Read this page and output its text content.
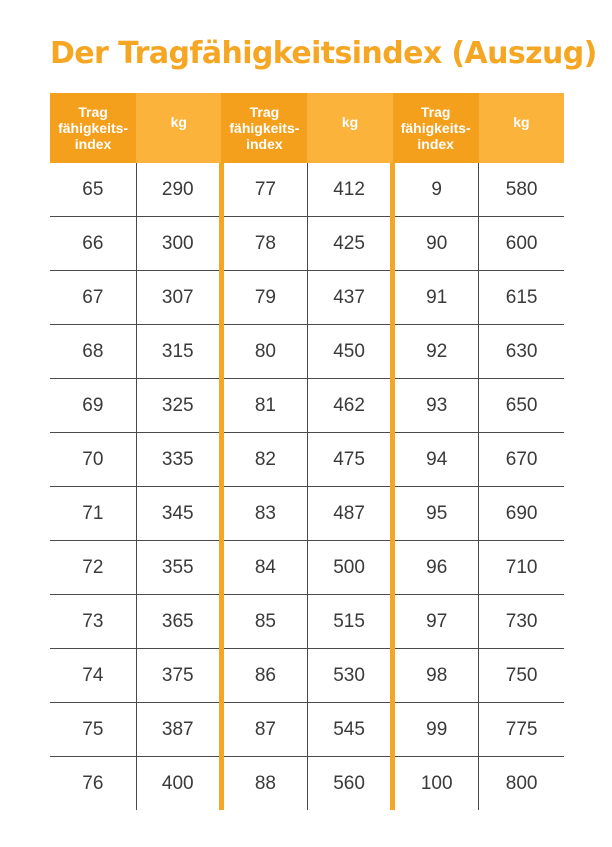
Der Tragfähigkeitsindex (Auszug)
Trag
fähigkeits-
index	kg	Trag
fähigkeits-
index	kg	Trag
fähigkeits-
index	kg
65	290	77	412	9	580
66	300	78	425	90	600
67	307	79	437	91	615
68	315	80	450	92	630
69	325	81	462	93	650
70	335	82	475	94	670
71	345	83	487	95	690
72	355	84	500	96	710
73	365	85	515	97	730
74	375	86	530	98	750
75	387	87	545	99	775
76	400	88	560	100	800
